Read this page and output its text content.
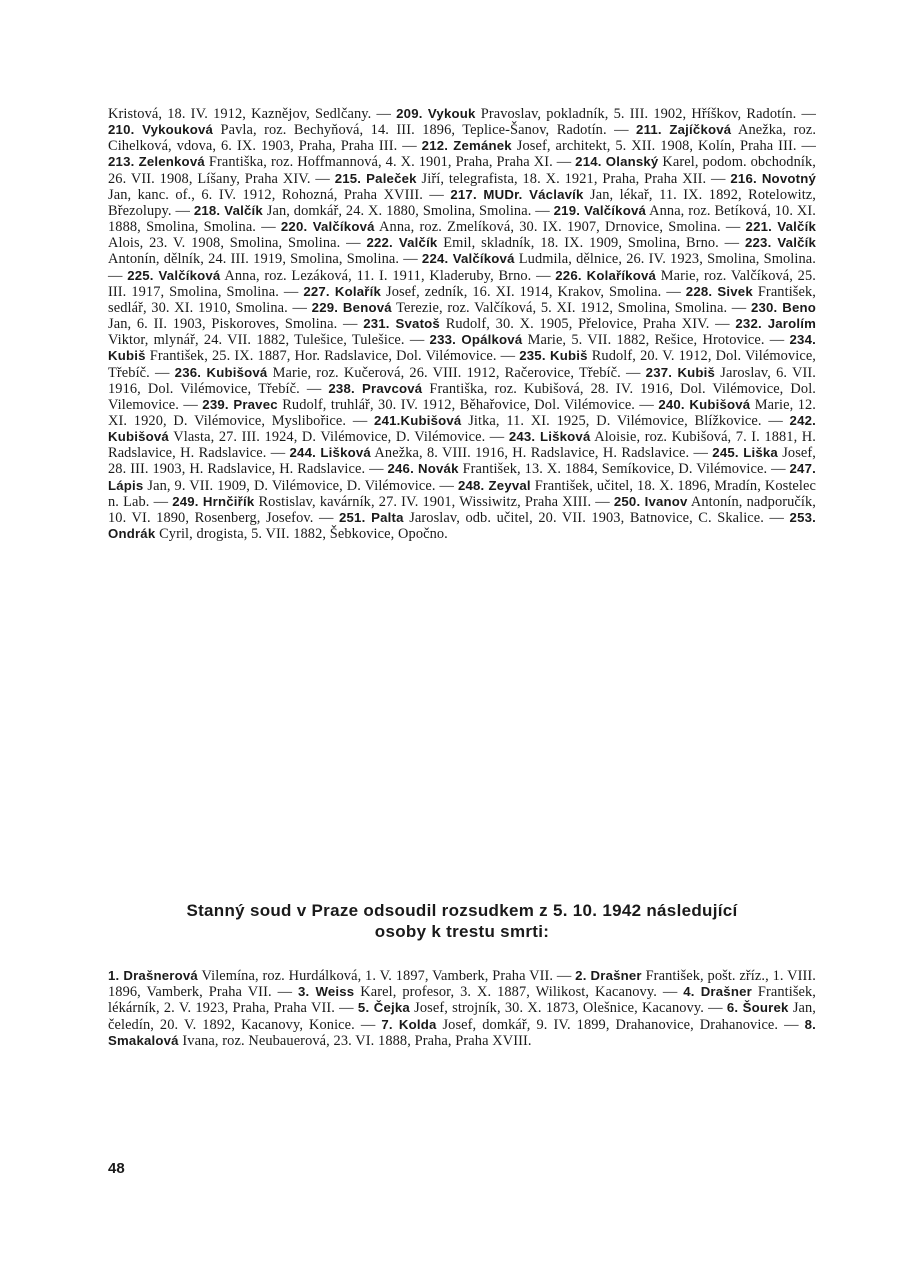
Kristová, 18. IV. 1912, Kaznějov, Sedlčany. — 209. Vykouk Pravoslav, pokladník, 5. III. 1902, Hříškov, Radotín. — 210. Vykouková Pavla, roz. Bechyňová, 14. III. 1896, Teplice-Šanov, Radotín. — 211. Zajíčková Anežka, roz. Cihelková, vdova, 6. IX. 1903, Praha, Praha III. — 212. Zemánek Josef, architekt, 5. XII. 1908, Kolín, Praha III. — 213. Zelenková Františka, roz. Hoffmannová, 4. X. 1901, Praha, Praha XI. — 214. Olanský Karel, podom. obchodník, 26. VII. 1908, Líšany, Praha XIV. — 215. Paleček Jiří, telegrafista, 18. X. 1921, Praha, Praha XII. — 216. Novotný Jan, kanc. of., 6. IV. 1912, Rohozná, Praha XVIII. — 217. MUDr. Václavík Jan, lékař, 11. IX. 1892, Rotelowitz, Březolupy. — 218. Valčík Jan, domkář, 24. X. 1880, Smolina, Smolina. — 219. Valčíková Anna, roz. Betíková, 10. XI. 1888, Smolina, Smolina. — 220. Valčíková Anna, roz. Zmelíková, 30. IX. 1907, Drnovice, Smolina. — 221. Valčík Alois, 23. V. 1908, Smolina, Smolina. — 222. Valčík Emil, skladník, 18. IX. 1909, Smolina, Brno. — 223. Valčík Antonín, dělník, 24. III. 1919, Smolina, Smolina. — 224. Valčíková Ludmila, dělnice, 26. IV. 1923, Smolina, Smolina. — 225. Valčíková Anna, roz. Lezáková, 11. I. 1911, Kladeruby, Brno. — 226. Kolaříková Marie, roz. Valčíková, 25. III. 1917, Smolina, Smolina. — 227. Kolařík Josef, zedník, 16. XI. 1914, Krakov, Smolina. — 228. Sivek František, sedlář, 30. XI. 1910, Smolina. — 229. Benová Terezie, roz. Valčíková, 5. XI. 1912, Smolina, Smolina. — 230. Beno Jan, 6. II. 1903, Piskoroves, Smolina. — 231. Svatoš Rudolf, 30. X. 1905, Přelovice, Praha XIV. — 232. Jarolím Viktor, mlynář, 24. VII. 1882, Tulešice, Tulešice. — 233. Opálková Marie, 5. VII. 1882, Rešice, Hrotovice. — 234. Kubiš František, 25. IX. 1887, Hor. Radslavice, Dol. Vilémovice. — 235. Kubiš Rudolf, 20. V. 1912, Dol. Vilémovice, Třebíč. — 236. Kubišová Marie, roz. Kučerová, 26. VIII. 1912, Račerovice, Třebíč. — 237. Kubiš Jaroslav, 6. VII. 1916, Dol. Vilémovice, Třebíč. — 238. Pravcová Františka, roz. Kubišová, 28. IV. 1916, Dol. Vilémovice, Dol. Vilemovice. — 239. Pravec Rudolf, truhlář, 30. IV. 1912, Běhařovice, Dol. Vilémovice. — 240. Kubišová Marie, 12. XI. 1920, D. Vilémovice, Myslibořice. — 241.Kubišová Jitka, 11. XI. 1925, D. Vilémovice, Blížkovice. — 242. Kubišová Vlasta, 27. III. 1924, D. Vilémovice, D. Vilémovice. — 243. Lišková Aloisie, roz. Kubišová, 7. I. 1881, H. Radslavice, H. Radslavice. — 244. Lišková Anežka, 8. VIII. 1916, H. Radslavice, H. Radslavice. — 245. Liška Josef, 28. III. 1903, H. Radslavice, H. Radslavice. — 246. Novák František, 13. X. 1884, Semíkovice, D. Vilémovice. — 247. Lápis Jan, 9. VII. 1909, D. Vilémovice, D. Vilémovice. — 248. Zeyval František, učitel, 18. X. 1896, Mradín, Kostelec n. Lab. — 249. Hrnčiřík Rostislav, kavárník, 27. IV. 1901, Wissiwitz, Praha XIII. — 250. Ivanov Antonín, nadporučík, 10. VI. 1890, Rosenberg, Josefov. — 251. Palta Jaroslav, odb. učitel, 20. VII. 1903, Batnovice, C. Skalice. — 253. Ondrák Cyril, drogista, 5. VII. 1882, Šebkovice, Opočno.
Stanný soud v Praze odsoudil rozsudkem z 5. 10. 1942 následující
osoby k trestu smrti:
1. Drašnerová Vilemína, roz. Hurdálková, 1. V. 1897, Vamberk, Praha VII. — 2. Drašner František, pošt. zříz., 1. VIII. 1896, Vamberk, Praha VII. — 3. Weiss Karel, profesor, 3. X. 1887, Wilikost, Kacanovy. — 4. Drašner František, lékárník, 2. V. 1923, Praha, Praha VII. — 5. Čejka Josef, strojník, 30. X. 1873, Olešnice, Kacanovy. — 6. Šourek Jan, čeledín, 20. V. 1892, Kacanovy, Konice. — 7. Kolda Josef, domkář, 9. IV. 1899, Drahanovice, Drahanovice. — 8. Smakalová Ivana, roz. Neubauerová, 23. VI. 1888, Praha, Praha XVIII.
48
